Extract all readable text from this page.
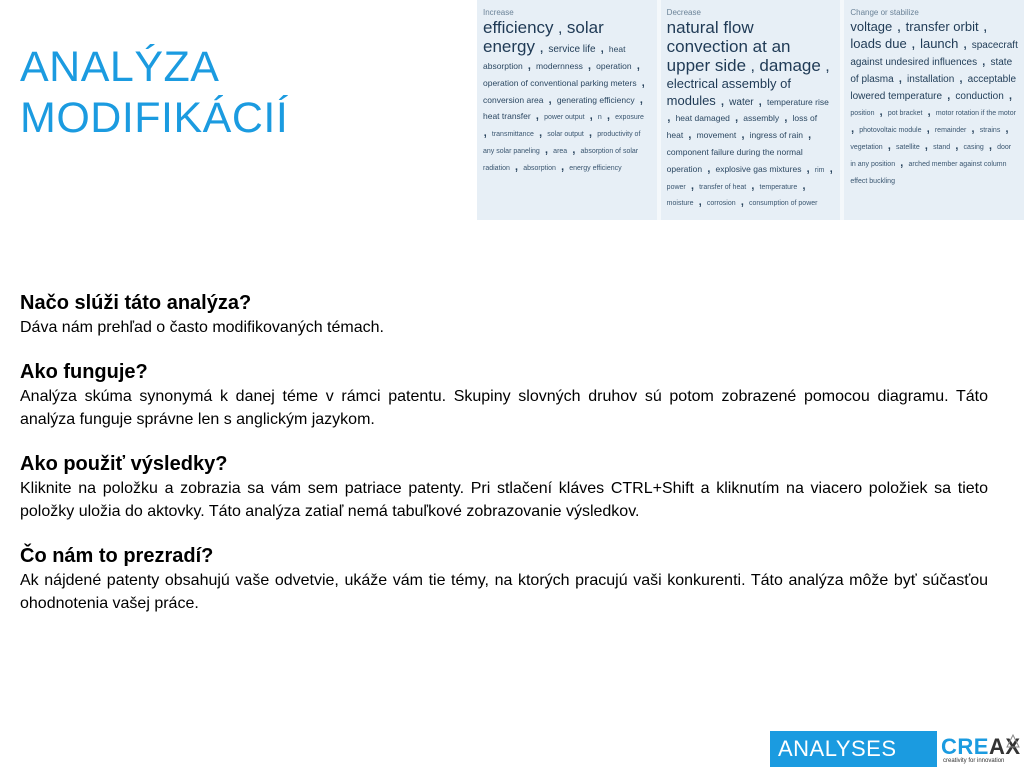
ANALÝZA
MODIFIKÁCIÍ
Increase
efficiency , solar energy , service life , heat absorption , modernness , operation , operation of conventional parking meters , conversion area , generating efficiency , heat transfer , power output , n , exposure , transmittance , solar output , productivity of any solar paneling , area , absorption of solar radiation , absorption , energy efficiency
Decrease
natural flow convection at an upper side , damage , electrical assembly of modules , water , temperature rise , heat damaged , assembly , loss of heat , movement , ingress of rain , component failure during the normal operation , explosive gas mixtures , rim , power , transfer of heat , temperature , moisture , corrosion , consumption of power
Change or stabilize
voltage , transfer orbit , loads due , launch , spacecraft against undesired influences , state of plasma , installation , acceptable lowered temperature , conduction , position , pot bracket , motor rotation if the motor , photovoltaic module , remainder , strains , vegetation , satellite , stand , casing , door in any position , arched member against column effect buckling
Načo slúži táto analýza?

Dáva nám prehľad o často modifikovaných témach.

Ako funguje?

Analýza skúma synonymá k danej téme v rámci patentu. Skupiny slovných druhov sú potom zobrazené pomocou diagramu. Táto analýza funguje správne len s anglickým jazykom.

Ako použiť výsledky?

Kliknite na položku a zobrazia sa vám sem patriace patenty. Pri stlačení kláves CTRL+Shift a kliknutím na viacero položiek sa tieto položky uložia do aktovky. Táto analýza zatiaľ nemá tabuľkové zobrazovanie výsledkov.

Čo nám to prezradí?

Ak nájdené patenty obsahujú vaše odvetvie, ukáže vám tie témy, na ktorých pracujú vaši konkurenti. Táto analýza môže byť súčasťou ohodnotenia vašej práce.

ANALYSES	CREAX
creativity for innovation
